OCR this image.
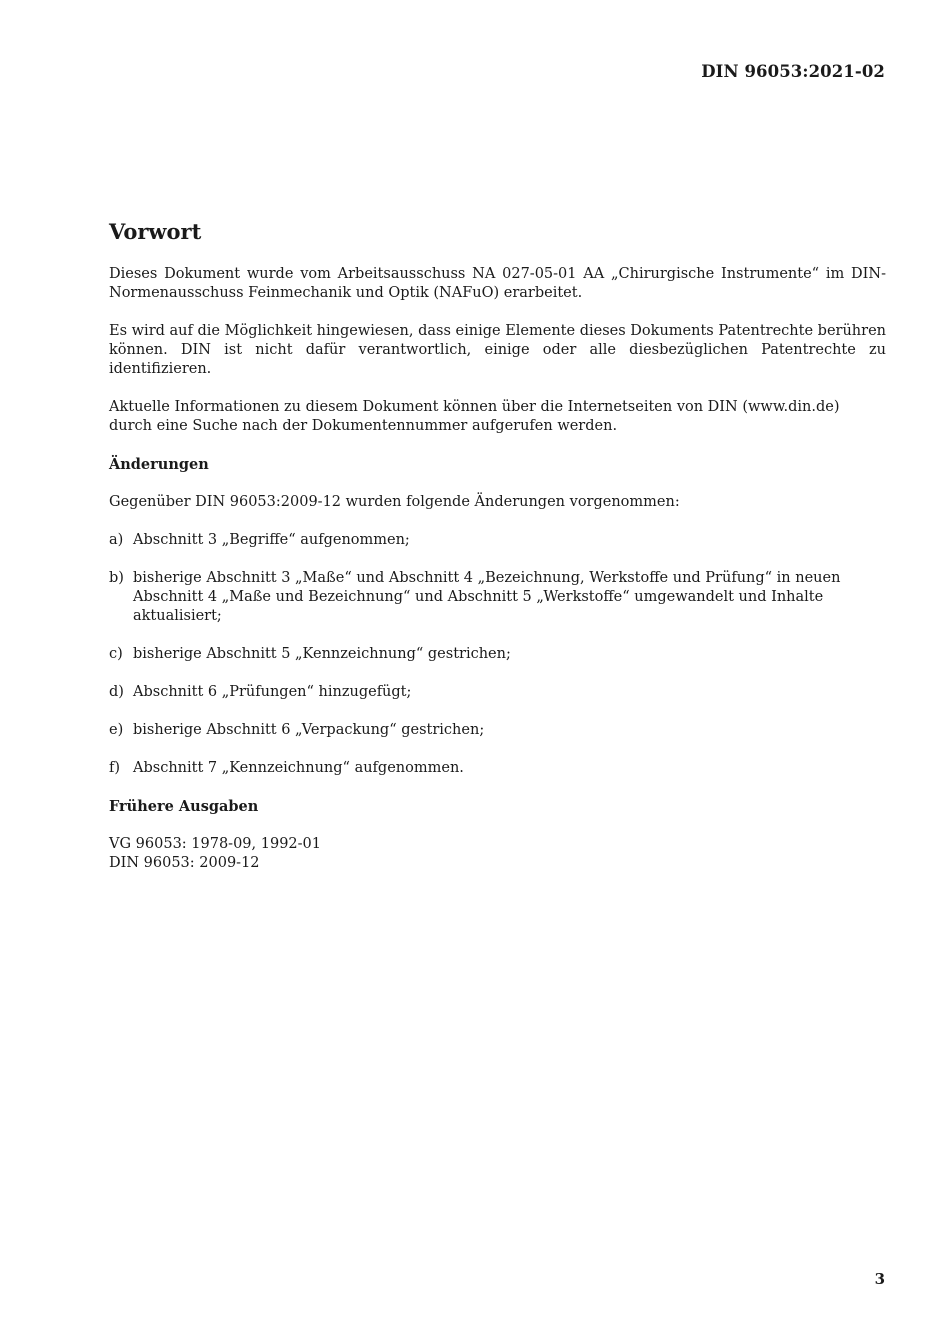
DIN 96053:2021-02
Vorwort

Dieses Dokument wurde vom Arbeitsausschuss NA 027-05-01 AA „Chirurgische Instrumente“ im DIN-Normenausschuss Feinmechanik und Optik (NAFuO) erarbeitet.

Es wird auf die Möglichkeit hingewiesen, dass einige Elemente dieses Dokuments Patentrechte berühren können. DIN ist nicht dafür verantwortlich, einige oder alle diesbezüglichen Patentrechte zu identifizieren.

Aktuelle Informationen zu diesem Dokument können über die Internetseiten von DIN (www.din.de) durch eine Suche nach der Dokumentennummer aufgerufen werden.

Änderungen

Gegenüber DIN 96053:2009-12 wurden folgende Änderungen vorgenommen:

a) Abschnitt 3 „Begriffe“ aufgenommen;
b) bisherige Abschnitt 3 „Maße“ und Abschnitt 4 „Bezeichnung, Werkstoffe und Prüfung“ in neuen Abschnitt 4 „Maße und Bezeichnung“ und Abschnitt 5 „Werkstoffe“ umgewandelt und Inhalte aktualisiert;
c) bisherige Abschnitt 5 „Kennzeichnung“ gestrichen;
d) Abschnitt 6 „Prüfungen“ hinzugefügt;
e) bisherige Abschnitt 6 „Verpackung“ gestrichen;
f) Abschnitt 7 „Kennzeichnung“ aufgenommen.
Frühere Ausgaben
VG 96053: 1978-09, 1992-01
DIN 96053: 2009-12
3
